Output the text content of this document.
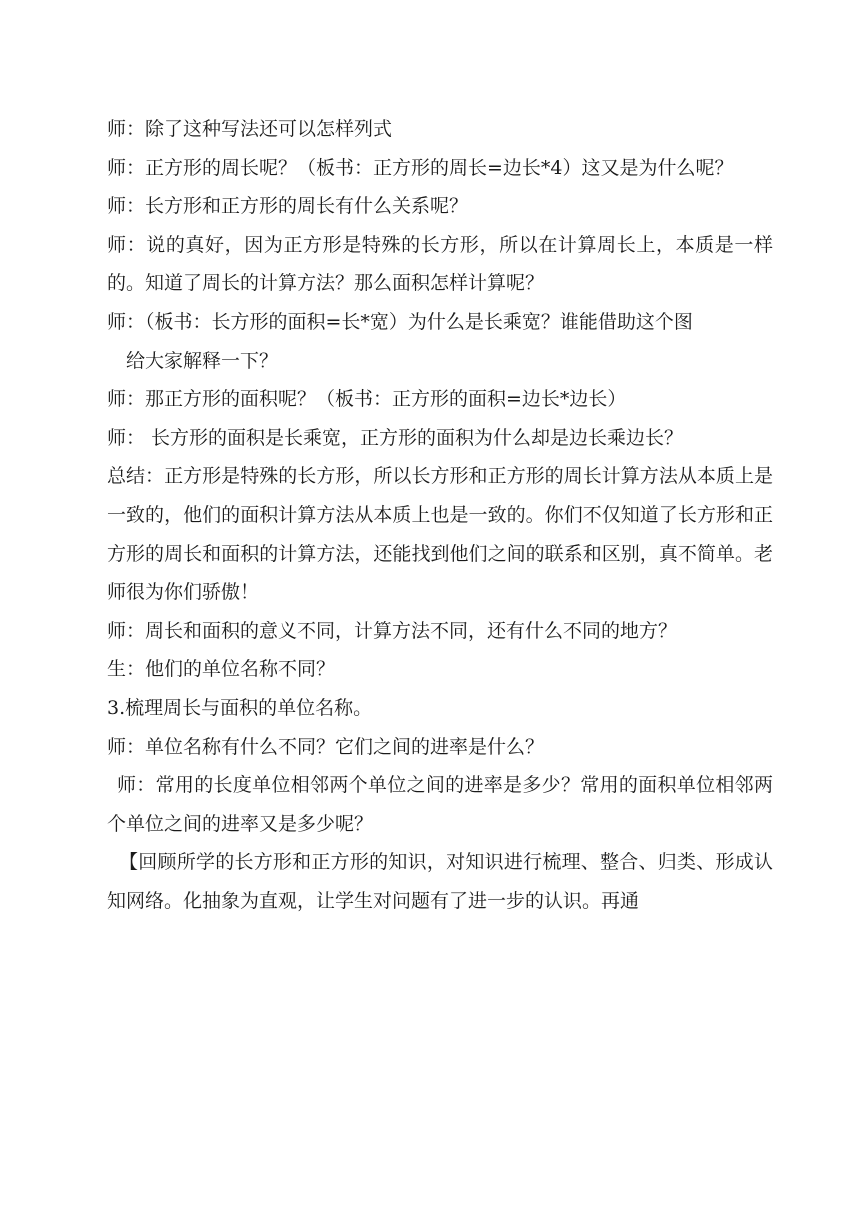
师：除了这种写法还可以怎样列式

师：正方形的周长呢？（板书：正方形的周长=边长*4）这又是为什么呢？

师：长方形和正方形的周长有什么关系呢？

师：说的真好，因为正方形是特殊的长方形，所以在计算周长上，本质是一样的。知道了周长的计算方法？那么面积怎样计算呢？

师：（板书：长方形的面积=长*宽）为什么是长乘宽？谁能借助这个图

给大家解释一下？

师：那正方形的面积呢？（板书：正方形的面积=边长*边长）

师： 长方形的面积是长乘宽，正方形的面积为什么却是边长乘边长？

总结：正方形是特殊的长方形，所以长方形和正方形的周长计算方法从本质上是一致的，他们的面积计算方法从本质上也是一致的。你们不仅知道了长方形和正方形的周长和面积的计算方法，还能找到他们之间的联系和区别，真不简单。老师很为你们骄傲！

师：周长和面积的意义不同，计算方法不同，还有什么不同的地方？

生：他们的单位名称不同？

3.梳理周长与面积的单位名称。

师：单位名称有什么不同？它们之间的进率是什么？

师：常用的长度单位相邻两个单位之间的进率是多少？常用的面积单位相邻两个单位之间的进率又是多少呢？

【回顾所学的长方形和正方形的知识，对知识进行梳理、整合、归类、形成认知网络。化抽象为直观，让学生对问题有了进一步的认识。再通
